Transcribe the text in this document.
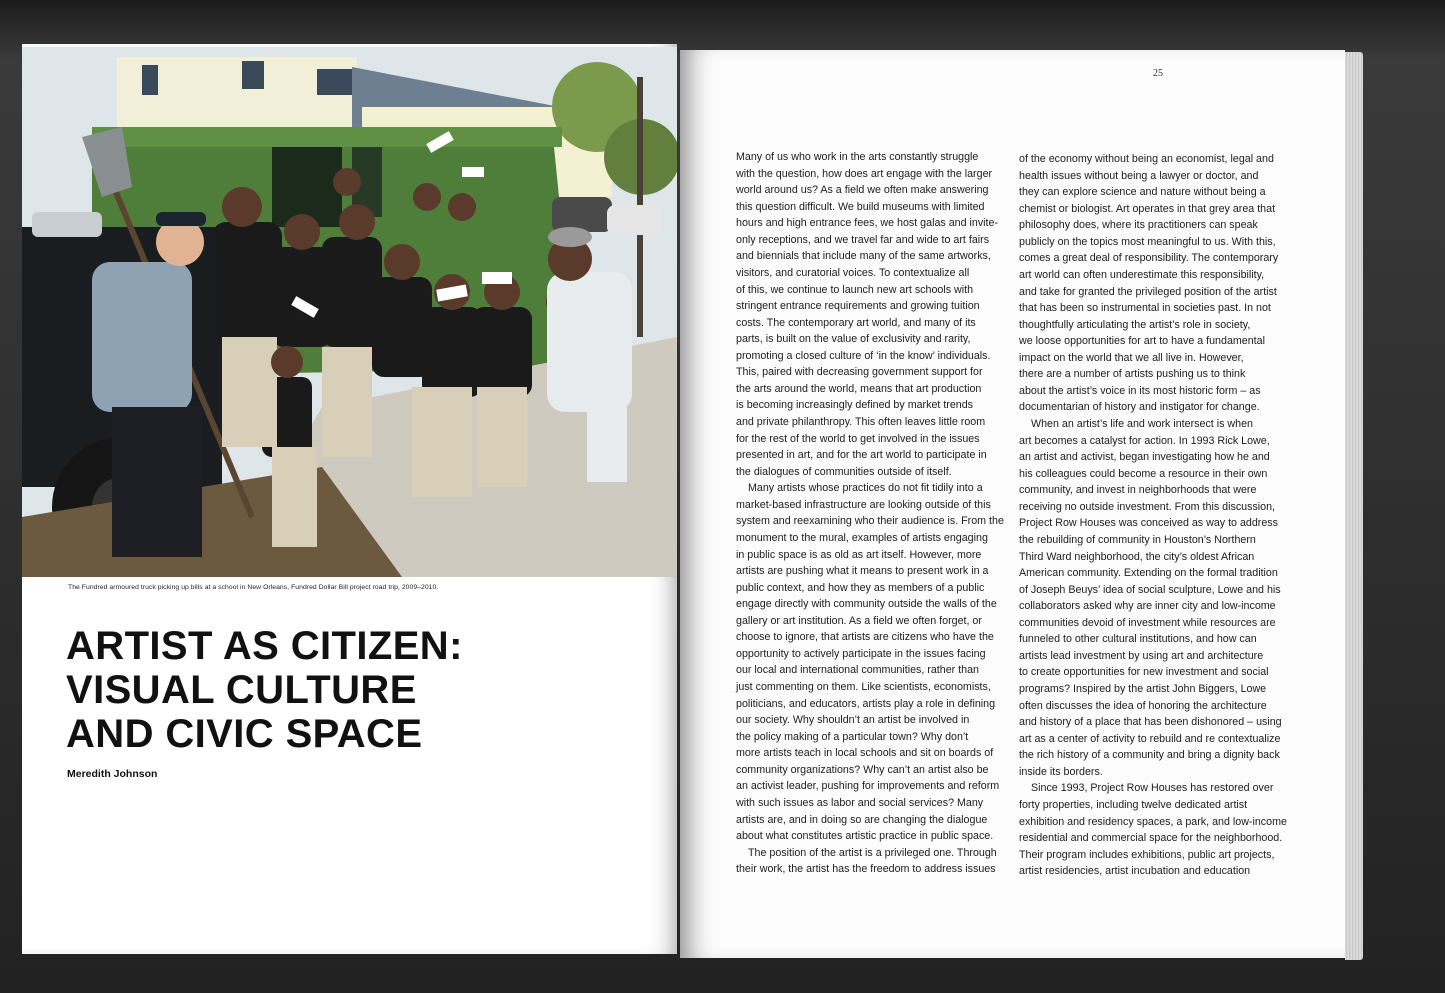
The Fundred armoured truck picking up bills at a school in New Orleans, Fundred Dollar Bill project road trip, 2009–2010.
ARTIST AS CITIZEN:
VISUAL CULTURE
AND CIVIC SPACE
Meredith Johnson
25
Many of us who work in the arts constantly struggle
with the question, how does art engage with the larger
world around us? As a field we often make answering
this question difficult. We build museums with limited
hours and high entrance fees, we host galas and invite-
only receptions, and we travel far and wide to art fairs
and biennials that include many of the same artworks,
visitors, and curatorial voices. To contextualize all
of this, we continue to launch new art schools with
stringent entrance requirements and growing tuition
costs. The contemporary art world, and many of its
parts, is built on the value of exclusivity and rarity,
promoting a closed culture of ‘in the know’ individuals.
This, paired with decreasing government support for
the arts around the world, means that art production
is becoming increasingly defined by market trends
and private philanthropy. This often leaves little room
for the rest of the world to get involved in the issues
presented in art, and for the art world to participate in
the dialogues of communities outside of itself.
Many artists whose practices do not fit tidily into a
market-based infrastructure are looking outside of this
system and reexamining who their audience is. From the
monument to the mural, examples of artists engaging
in public space is as old as art itself. However, more
artists are pushing what it means to present work in a
public context, and how they as members of a public
engage directly with community outside the walls of the
gallery or art institution. As a field we often forget, or
choose to ignore, that artists are citizens who have the
opportunity to actively participate in the issues facing
our local and international communities, rather than
just commenting on them. Like scientists, economists,
politicians, and educators, artists play a role in defining
our society. Why shouldn’t an artist be involved in
the policy making of a particular town? Why don’t
more artists teach in local schools and sit on boards of
community organizations? Why can’t an artist also be
an activist leader, pushing for improvements and reform
with such issues as labor and social services? Many
artists are, and in doing so are changing the dialogue
about what constitutes artistic practice in public space.
The position of the artist is a privileged one. Through
their work, the artist has the freedom to address issues
of the economy without being an economist, legal and
health issues without being a lawyer or doctor, and
they can explore science and nature without being a
chemist or biologist. Art operates in that grey area that
philosophy does, where its practitioners can speak
publicly on the topics most meaningful to us. With this,
comes a great deal of responsibility. The contemporary
art world can often underestimate this responsibility,
and take for granted the privileged position of the artist
that has been so instrumental in societies past. In not
thoughtfully articulating the artist’s role in society,
we loose opportunities for art to have a fundamental
impact on the world that we all live in. However,
there are a number of artists pushing us to think
about the artist’s voice in its most historic form – as
documentarian of history and instigator for change.
When an artist’s life and work intersect is when
art becomes a catalyst for action. In 1993 Rick Lowe,
an artist and activist, began investigating how he and
his colleagues could become a resource in their own
community, and invest in neighborhoods that were
receiving no outside investment. From this discussion,
Project Row Houses was conceived as way to address
the rebuilding of community in Houston’s Northern
Third Ward neighborhood, the city’s oldest African
American community. Extending on the formal tradition
of Joseph Beuys’ idea of social sculpture, Lowe and his
collaborators asked why are inner city and low-income
communities devoid of investment while resources are
funneled to other cultural institutions, and how can
artists lead investment by using art and architecture
to create opportunities for new investment and social
programs? Inspired by the artist John Biggers, Lowe
often discusses the idea of honoring the architecture
and history of a place that has been dishonored – using
art as a center of activity to rebuild and re contextualize
the rich history of a community and bring a dignity back
inside its borders.
Since 1993, Project Row Houses has restored over
forty properties, including twelve dedicated artist
exhibition and residency spaces, a park, and low-income
residential and commercial space for the neighborhood.
Their program includes exhibitions, public art projects,
artist residencies, artist incubation and education
